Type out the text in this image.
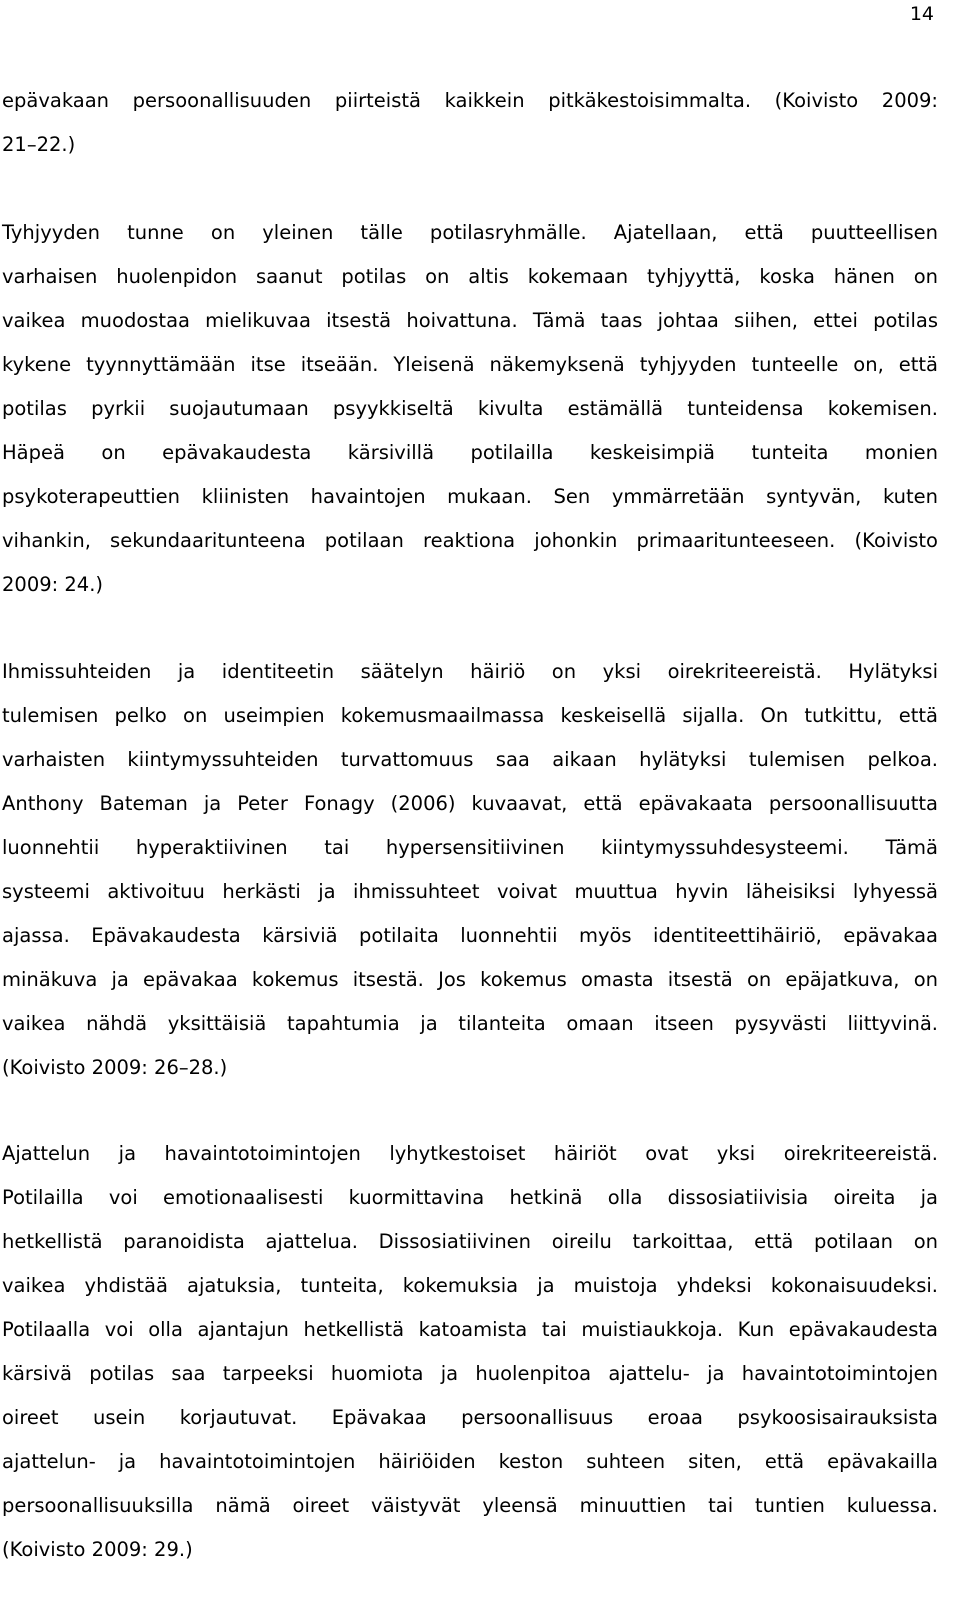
14
epävakaan persoonallisuuden piirteistä kaikkein pitkäkestoisimmalta. (Koivisto 2009:
21–22.)
Tyhjyyden tunne on yleinen tälle potilasryhmälle. Ajatellaan, että puutteellisen
varhaisen huolenpidon saanut potilas on altis kokemaan tyhjyyttä, koska hänen on
vaikea muodostaa mielikuvaa itsestä hoivattuna. Tämä taas johtaa siihen, ettei potilas
kykene tyynnyttämään itse itseään. Yleisenä näkemyksenä tyhjyyden tunteelle on, että
potilas pyrkii suojautumaan psyykkiseltä kivulta estämällä tunteidensa kokemisen.
Häpeä on epävakaudesta kärsivillä potilailla keskeisimpiä tunteita monien
psykoterapeuttien kliinisten havaintojen mukaan. Sen ymmärretään syntyvän, kuten
vihankin, sekundaaritunteena potilaan reaktiona johonkin primaaritunteeseen. (Koivisto
2009: 24.)
Ihmissuhteiden ja identiteetin säätelyn häiriö on yksi oirekriteereistä. Hylätyksi
tulemisen pelko on useimpien kokemusmaailmassa keskeisellä sijalla. On tutkittu, että
varhaisten kiintymyssuhteiden turvattomuus saa aikaan hylätyksi tulemisen pelkoa.
Anthony Bateman ja Peter Fonagy (2006) kuvaavat, että epävakaata persoonallisuutta
luonnehtii hyperaktiivinen tai hypersensitiivinen kiintymyssuhdesysteemi. Tämä
systeemi aktivoituu herkästi ja ihmissuhteet voivat muuttua hyvin läheisiksi lyhyessä
ajassa. Epävakaudesta kärsiviä potilaita luonnehtii myös identiteettihäiriö, epävakaa
minäkuva ja epävakaa kokemus itsestä. Jos kokemus omasta itsestä on epäjatkuva, on
vaikea nähdä yksittäisiä tapahtumia ja tilanteita omaan itseen pysyvästi liittyvinä.
(Koivisto 2009: 26–28.)
Ajattelun ja havaintotoimintojen lyhytkestoiset häiriöt ovat yksi oirekriteereistä.
Potilailla voi emotionaalisesti kuormittavina hetkinä olla dissosiatiivisia oireita ja
hetkellistä paranoidista ajattelua. Dissosiatiivinen oireilu tarkoittaa, että potilaan on
vaikea yhdistää ajatuksia, tunteita, kokemuksia ja muistoja yhdeksi kokonaisuudeksi.
Potilaalla voi olla ajantajun hetkellistä katoamista tai muistiaukkoja. Kun epävakaudesta
kärsivä potilas saa tarpeeksi huomiota ja huolenpitoa ajattelu- ja havaintotoimintojen
oireet usein korjautuvat. Epävakaa persoonallisuus eroaa psykoosisairauksista
ajattelun- ja havaintotoimintojen häiriöiden keston suhteen siten, että epävakailla
persoonallisuuksilla nämä oireet väistyvät yleensä minuuttien tai tuntien kuluessa.
(Koivisto 2009: 29.)
